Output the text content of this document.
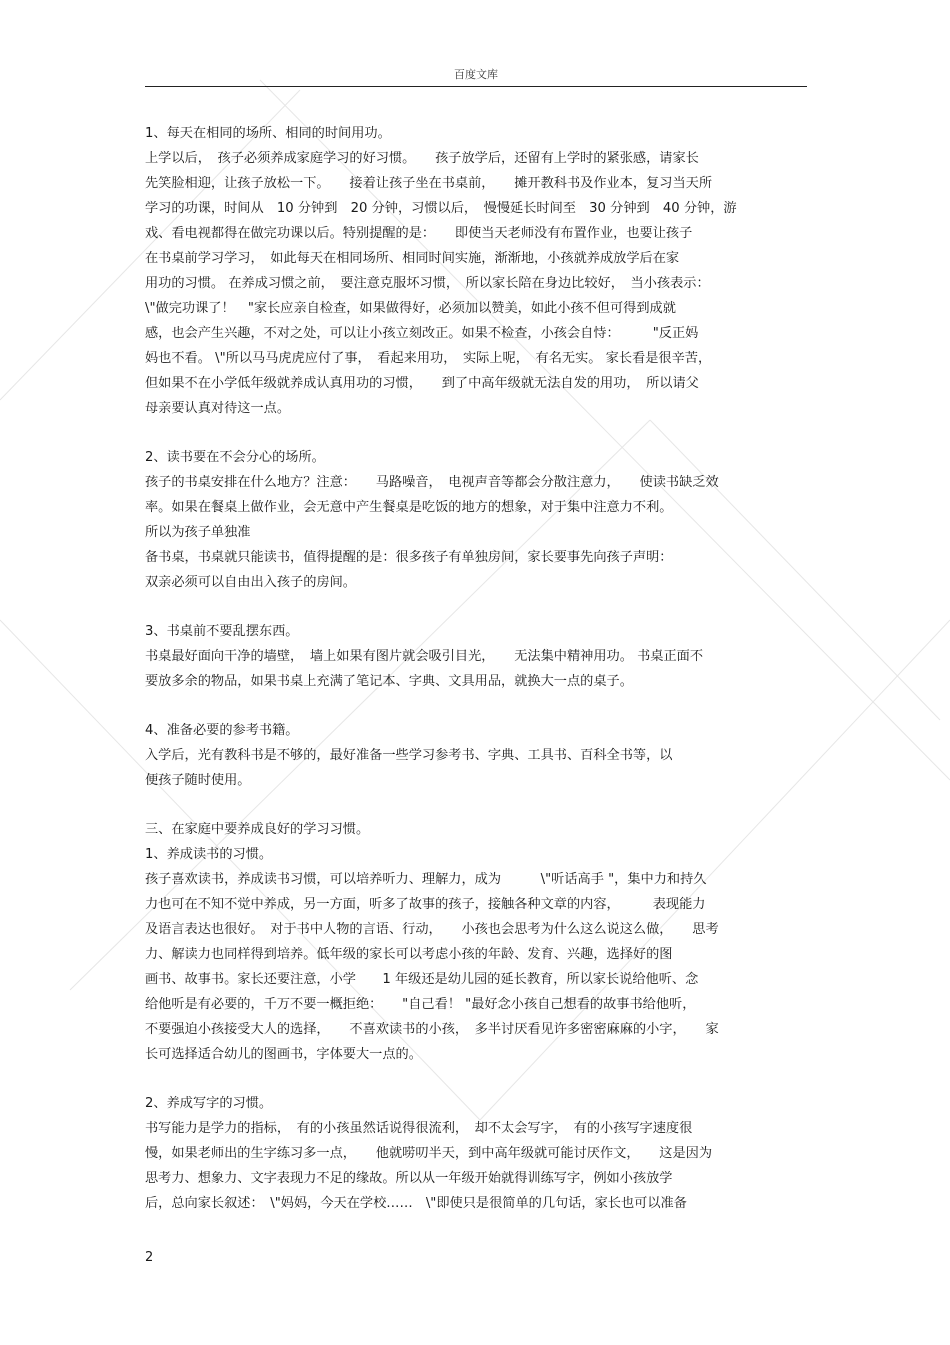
百度文库
1、每天在相同的场所、相同的时间用功。
上学以后，　孩子必须养成家庭学习的好习惯。　　孩子放学后，还留有上学时的紧张感，请家长
先笑脸相迎，让孩子放松一下。　　接着让孩子坐在书桌前，　　摊开教科书及作业本，复习当天所
学习的功课，时间从　10 分钟到　20 分钟，习惯以后，　慢慢延长时间至　30 分钟到　40 分钟，游
戏、看电视都得在做完功课以后。特别提醒的是：　　即使当天老师没有布置作业，也要让孩子
在书桌前学习学习，　如此每天在相同场所、相同时间实施，渐渐地，小孩就养成放学后在家
用功的习惯。 在养成习惯之前，　要注意克服坏习惯，　所以家长陪在身边比较好，　当小孩表示：
\"做完功课了！　"家长应亲自检查，如果做得好，必须加以赞美，如此小孩不但可得到成就
感，也会产生兴趣，不对之处，可以让小孩立刻改正。如果不检查，小孩会自恃：　　　"反正妈
妈也不看。 \"所以马马虎虎应付了事，　看起来用功，　实际上呢，　有名无实。 家长看是很辛苦，
但如果不在小学低年级就养成认真用功的习惯，　　到了中高年级就无法自发的用功，　所以请父
母亲要认真对待这一点。
2、读书要在不会分心的场所。
孩子的书桌安排在什么地方？注意：　　马路噪音，　电视声音等都会分散注意力，　　使读书缺乏效
率。如果在餐桌上做作业，会无意中产生餐桌是吃饭的地方的想象，对于集中注意力不利。
所以为孩子单独准
备书桌，书桌就只能读书，值得提醒的是：很多孩子有单独房间，家长要事先向孩子声明：
双亲必须可以自由出入孩子的房间。
3、书桌前不要乱摆东西。
书桌最好面向干净的墙壁，　墙上如果有图片就会吸引目光，　　无法集中精神用功。 书桌正面不
要放多余的物品，如果书桌上充满了笔记本、字典、文具用品，就换大一点的桌子。
4、准备必要的参考书籍。
入学后，光有教科书是不够的，最好准备一些学习参考书、字典、工具书、百科全书等，以
便孩子随时使用。
三、在家庭中要养成良好的学习习惯。
1、养成读书的习惯。
孩子喜欢读书，养成读书习惯，可以培养听力、理解力，成为　　　\"听话高手 "，集中力和持久
力也可在不知不觉中养成，另一方面，听多了故事的孩子，接触各种文章的内容，　　　表现能力
及语言表达也很好。　对于书中人物的言语、行动，　　小孩也会思考为什么这么说这么做，　　思考
力、解读力也同样得到培养。低年级的家长可以考虑小孩的年龄、发育、兴趣，选择好的图
画书、故事书。家长还要注意，小学　　1 年级还是幼儿园的延长教育，所以家长说给他听、念
给他听是有必要的，千万不要一概拒绝：　　"自己看！ "最好念小孩自己想看的故事书给他听，
不要强迫小孩接受大人的选择，　　不喜欢读书的小孩，　多半讨厌看见许多密密麻麻的小字，　　家
长可选择适合幼儿的图画书，字体要大一点的。
2、养成写字的习惯。
书写能力是学力的指标，　有的小孩虽然话说得很流利，　却不太会写字，　有的小孩写字速度很
慢，如果老师出的生字练习多一点，　　他就唠叨半天，到中高年级就可能讨厌作文，　　这是因为
思考力、想象力、文字表现力不足的缘故。所以从一年级开始就得训练写字，例如小孩放学
后，总向家长叙述：　\"妈妈，今天在学校……　\"即使只是很简单的几句话，家长也可以准备
2
